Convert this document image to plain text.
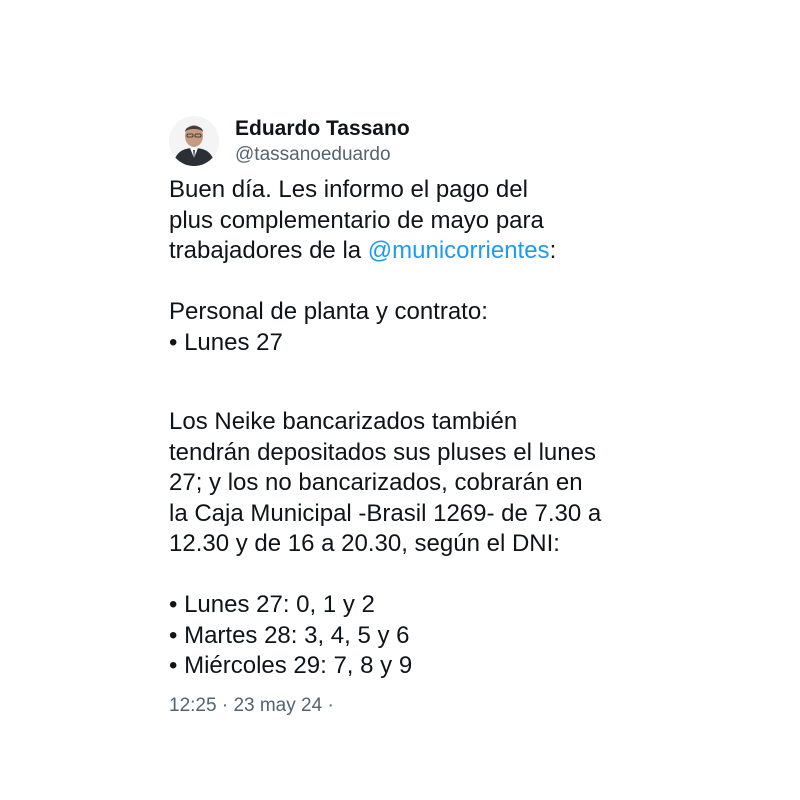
Eduardo Tassano
@tassanoeduardo

Buen día. Les informo el pago del
plus complementario de mayo para
trabajadores de la @municorrientes:

Personal de planta y contrato:
• Lunes 27

Los Neike bancarizados también
tendrán depositados sus pluses el lunes
27; y los no bancarizados, cobrarán en
la Caja Municipal -Brasil 1269- de 7.30 a
12.30 y de 16 a 20.30, según el DNI:

• Lunes 27: 0, 1 y 2
• Martes 28: 3, 4, 5 y 6
• Miércoles 29: 7, 8 y 9

12:25 · 23 may 24 ·
